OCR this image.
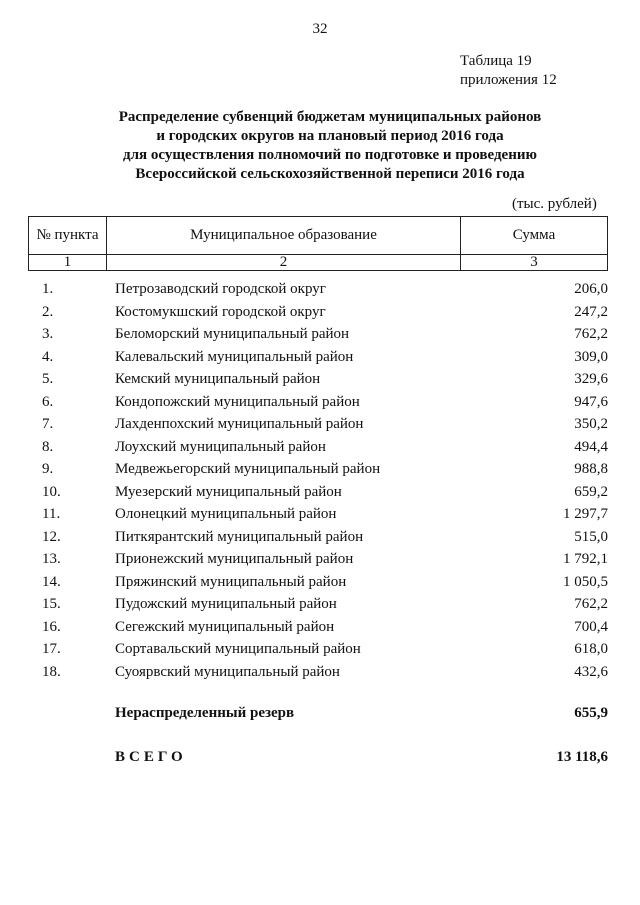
32
Таблица 19
приложения 12
Распределение субвенций бюджетам муниципальных районов
и городских округов на плановый период 2016 года
для осуществления полномочий по подготовке и проведению
Всероссийской сельскохозяйственной переписи 2016 года
(тыс. рублей)
№ пункта	Муниципальное образование	Сумма
1	2	3
1.	Петрозаводский городской округ	206,0
2.	Костомукшский городской округ	247,2
3.	Беломорский муниципальный район	762,2
4.	Калевальский муниципальный район	309,0
5.	Кемский муниципальный район	329,6
6.	Кондопожский муниципальный район	947,6
7.	Лахденпохский муниципальный район	350,2
8.	Лоухский муниципальный район	494,4
9.	Медвежьегорский муниципальный район	988,8
10.	Муезерский муниципальный район	659,2
11.	Олонецкий муниципальный район	1 297,7
12.	Питкярантский муниципальный район	515,0
13.	Прионежский муниципальный район	1 792,1
14.	Пряжинский муниципальный район	1 050,5
15.	Пудожский муниципальный район	762,2
16.	Сегежский муниципальный район	700,4
17.	Сортавальский муниципальный район	618,0
18.	Суоярвский муниципальный район	432,6
Нераспределенный резерв	655,9
ВСЕГО	13 118,6
